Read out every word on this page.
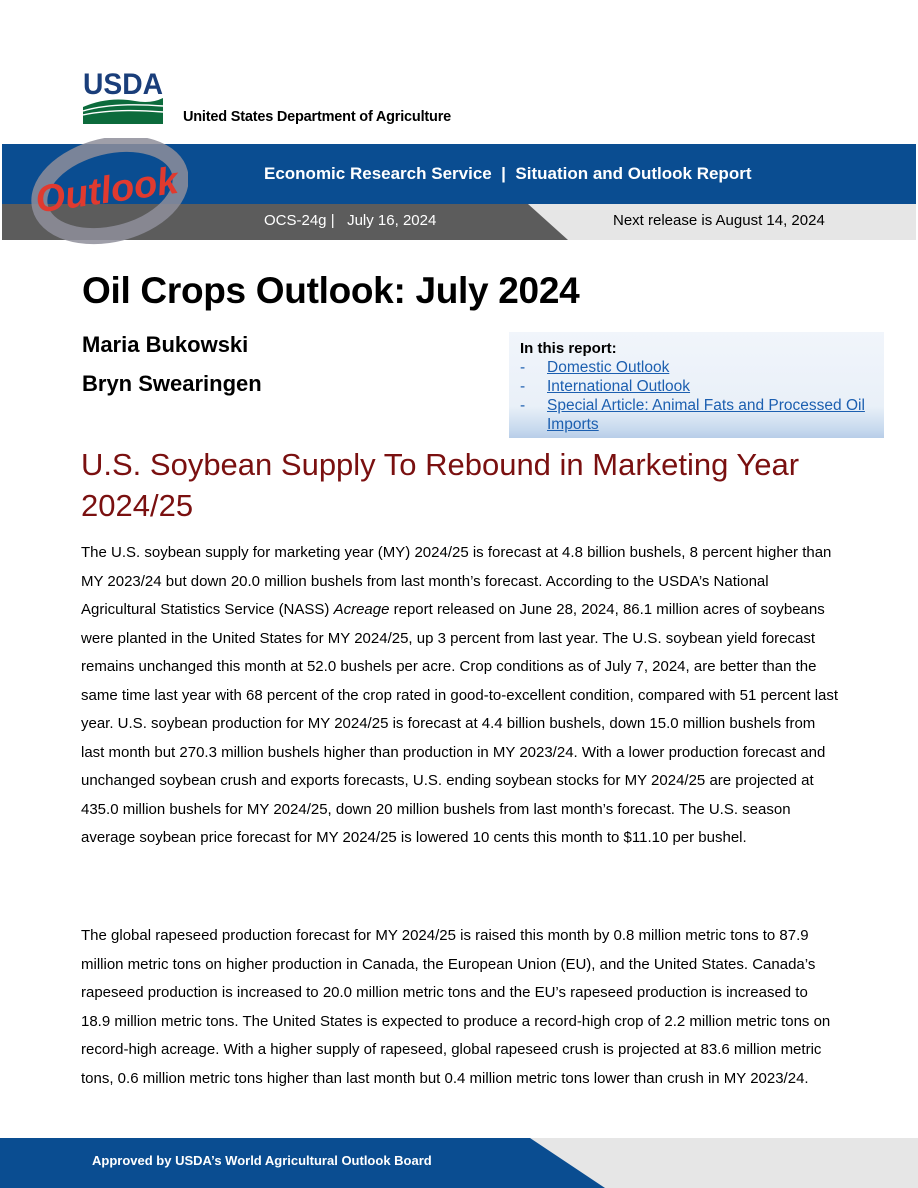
USDA
United States Department of Agriculture
Outlook	Economic Research Service  |  Situation and Outlook Report
OCS-24g |   July 16, 2024	Next release is August 14, 2024
Oil Crops Outlook: July 2024
Maria Bukowski
Bryn Swearingen
In this report:
-	Domestic Outlook
-	International Outlook
-	Special Article: Animal Fats and Processed Oil Imports
U.S. Soybean Supply To Rebound in Marketing Year 2024/25

The U.S. soybean supply for marketing year (MY) 2024/25 is forecast at 4.8 billion bushels, 8 percent higher than MY 2023/24 but down 20.0 million bushels from last month’s forecast. According to the USDA’s National Agricultural Statistics Service (NASS) Acreage report released on June 28, 2024, 86.1 million acres of soybeans were planted in the United States for MY 2024/25, up 3 percent from last year. The U.S. soybean yield forecast remains unchanged this month at 52.0 bushels per acre. Crop conditions as of July 7, 2024, are better than the same time last year with 68 percent of the crop rated in good-to-excellent condition, compared with 51 percent last year. U.S. soybean production for MY 2024/25 is forecast at 4.4 billion bushels, down 15.0 million bushels from last month but 270.3 million bushels higher than production in MY 2023/24. With a lower production forecast and unchanged soybean crush and exports forecasts, U.S. ending soybean stocks for MY 2024/25 are projected at 435.0 million bushels for MY 2024/25, down 20 million bushels from last month’s forecast. The U.S. season average soybean price forecast for MY 2024/25 is lowered 10 cents this month to $11.10 per bushel.

The global rapeseed production forecast for MY 2024/25 is raised this month by 0.8 million metric tons to 87.9 million metric tons on higher production in Canada, the European Union (EU), and the United States. Canada’s rapeseed production is increased to 20.0 million metric tons and the EU’s rapeseed production is increased to 18.9 million metric tons. The United States is expected to produce a record-high crop of 2.2 million metric tons on record-high acreage. With a higher supply of rapeseed, global rapeseed crush is projected at 83.6 million metric tons, 0.6 million metric tons higher than last month but 0.4 million metric tons lower than crush in MY 2023/24.

Approved by USDA’s World Agricultural Outlook Board
